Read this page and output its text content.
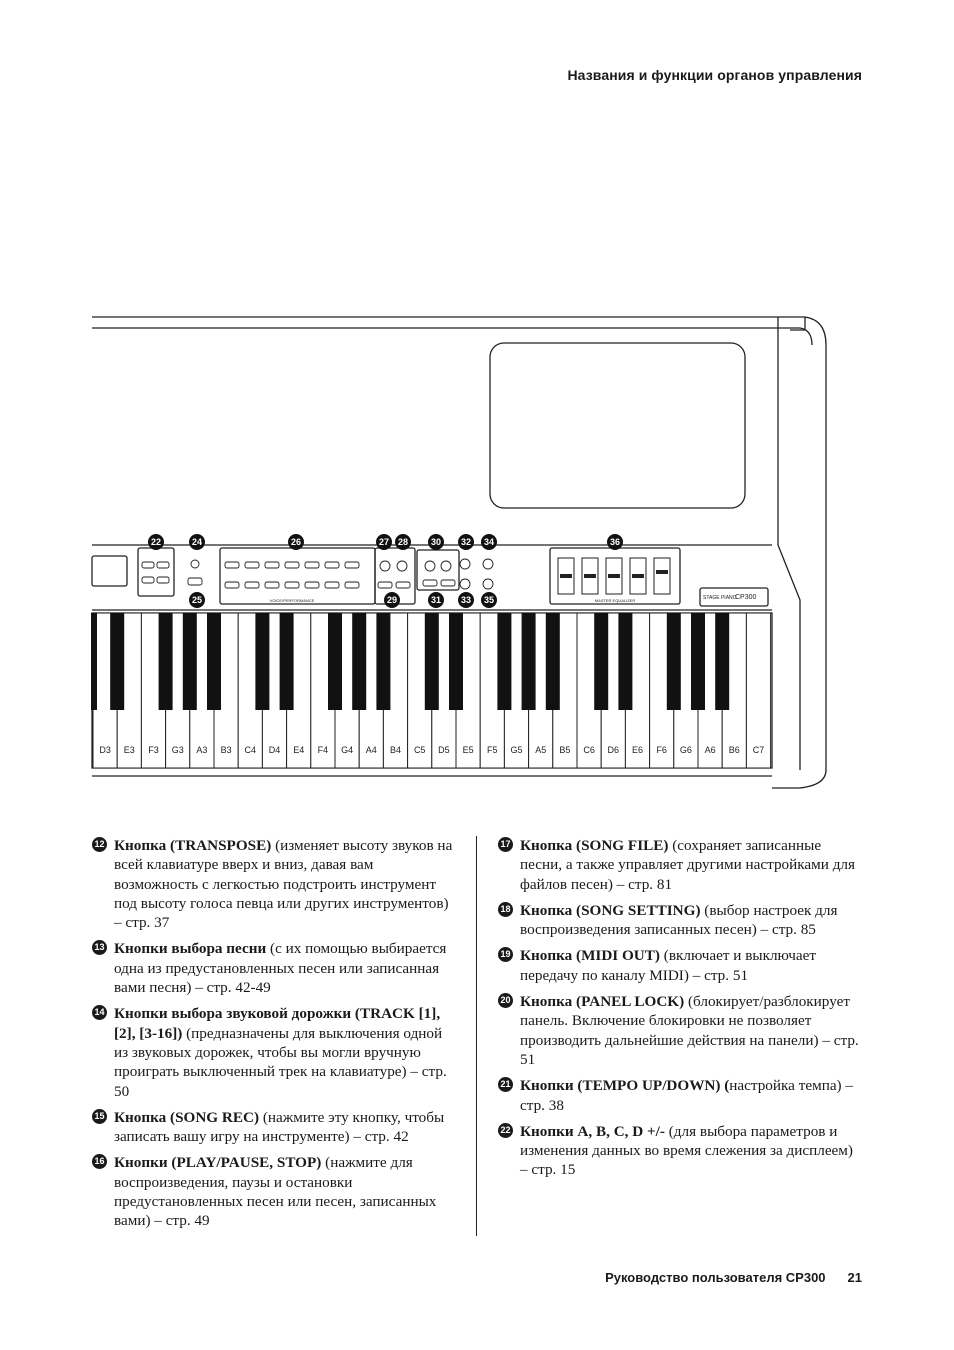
Названия и функции органов управления
VOICE/PERFORMANCE	MASTER EQUALIZER	STAGE PIANO
CP300
22	24	26	27 28	30 32 34	36
25	29	31 33 35
D3 E3 F3 G3 A3 B3 C4 D4 E4 F4 G4 A4 B4 C5 D5 E5 F5 G5 A5 B5 C6 D6 E6 F6 G6 A6 B6 C7
12 Кнопка (TRANSPOSE) (изменяет высоту звуков на всей клавиатуре вверх и вниз, давая вам возможность с легкостью подстроить инструмент под высоту голоса певца или других инструментов) – стр. 37
13 Кнопки выбора песни (с их помощью выбирается одна из предустановленных песен или записанная вами песня) – стр. 42-49
14 Кнопки выбора звуковой дорожки (TRACK [1], [2], [3-16]) (предназначены для выключения одной из звуковых дорожек, чтобы вы могли вручную проиграть выключенный трек на клавиатуре) – стр. 50
15 Кнопка (SONG REC) (нажмите эту кнопку, чтобы записать вашу игру на инструменте) – стр. 42
16 Кнопки (PLAY/PAUSE, STOP) (нажмите для воспроизведения, паузы и остановки предустановленных песен или песен, записанных вами) – стр. 49
17 Кнопка (SONG FILE) (сохраняет записанные песни, а также управляет другими настройками для файлов песен) – стр. 81
18 Кнопка (SONG SETTING) (выбор настроек для воспроизведения записанных песен) – стр. 85
19 Кнопка (MIDI OUT) (включает и выключает передачу по каналу MIDI) – стр. 51
20 Кнопка (PANEL LOCK) (блокирует/разблокирует панель. Включение блокировки не позволяет производить дальнейшие действия на панели) – стр. 51
21 Кнопки (TEMPO UP/DOWN) (настройка темпа) – стр. 38
22 Кнопки A, B, C, D +/- (для выбора параметров и изменения данных во время слежения за дисплеем) – стр. 15
Руководство пользователя CP300 21
